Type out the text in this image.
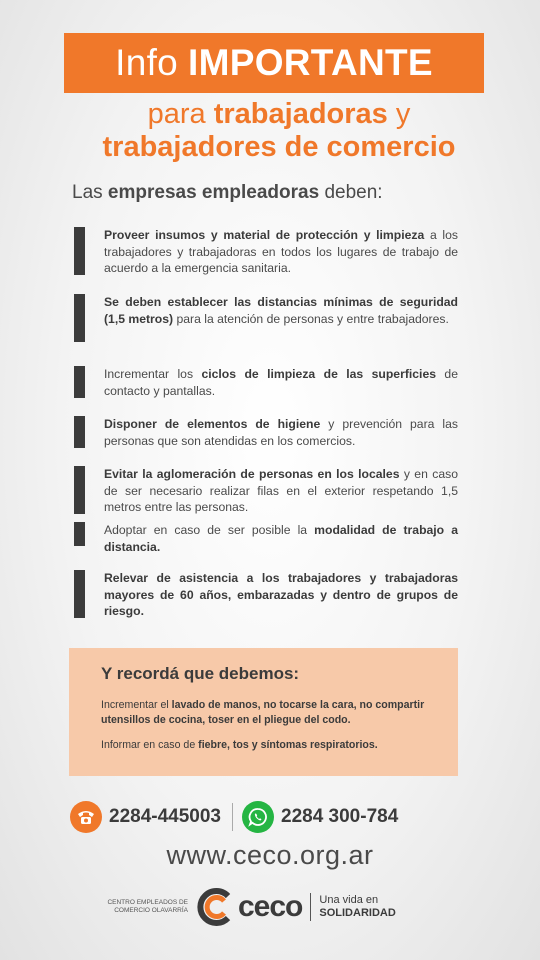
Info IMPORTANTE
para trabajadoras y
trabajadores de comercio
Las empresas empleadoras deben:
Proveer insumos y material de protección y limpieza a los trabajadores y trabajadoras en todos los lugares de trabajo de acuerdo a la emergencia sanitaria.
Se deben establecer las distancias mínimas de seguridad (1,5 metros) para la atención de personas y entre trabajadores.
Incrementar los ciclos de limpieza de las superficies de contacto y pantallas.
Disponer de elementos de higiene y prevención para las personas que son atendidas en los comercios.
Evitar la aglomeración de personas en los locales y en caso de ser necesario realizar filas en el exterior respetando 1,5 metros entre las personas.
Adoptar en caso de ser posible la modalidad de trabajo a distancia.
Relevar de asistencia a los trabajadores y trabajadoras mayores de 60 años, embarazadas y dentro de grupos de riesgo.
Y recordá que debemos:

Incrementar el lavado de manos, no tocarse la cara, no compartir utensillos de cocina, toser en el pliegue del codo.

Informar en caso de fiebre, tos y síntomas respiratorios.

2284-445003	2284 300-784
www.ceco.org.ar
CENTRO EMPLEADOS DE COMERCIO OLAVARRÍA ceco Una vida en
SOLIDARIDAD
